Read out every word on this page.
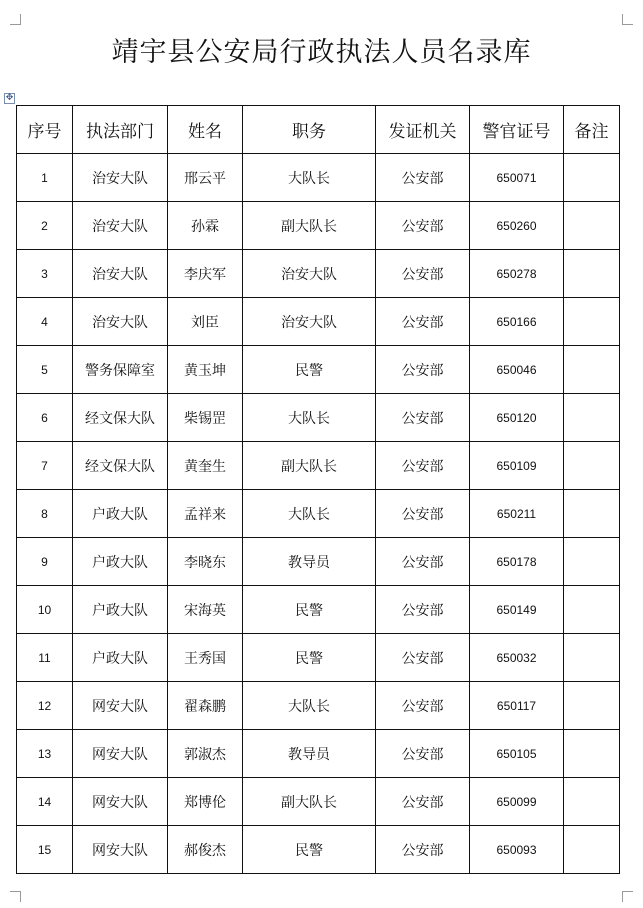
靖宇县公安局行政执法人员名录库
✥
序号	执法部门	姓名	职务	发证机关	警官证号	备注
1	治安大队	邢云平	大队长	公安部	650071	
2	治安大队	孙霖	副大队长	公安部	650260	
3	治安大队	李庆军	治安大队	公安部	650278	
4	治安大队	刘臣	治安大队	公安部	650166	
5	警务保障室	黄玉坤	民警	公安部	650046	
6	经文保大队	柴锡罡	大队长	公安部	650120	
7	经文保大队	黄奎生	副大队长	公安部	650109	
8	户政大队	孟祥来	大队长	公安部	650211	
9	户政大队	李晓东	教导员	公安部	650178	
10	户政大队	宋海英	民警	公安部	650149	
11	户政大队	王秀国	民警	公安部	650032	
12	网安大队	翟森鹏	大队长	公安部	650117	
13	网安大队	郭淑杰	教导员	公安部	650105	
14	网安大队	郑博伦	副大队长	公安部	650099	
15	网安大队	郝俊杰	民警	公安部	650093	
